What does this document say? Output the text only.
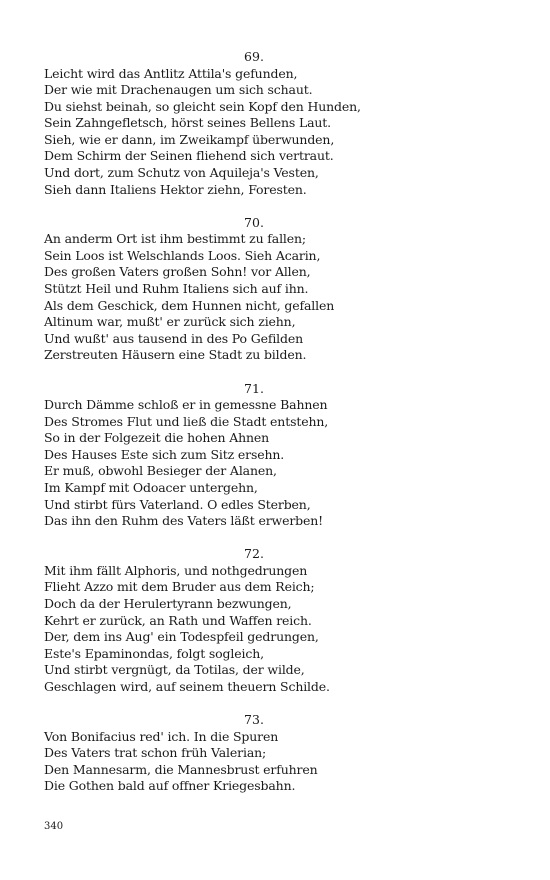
69.
Leicht wird das Antlitz Attila's gefunden,
Der wie mit Drachenaugen um sich schaut.
Du siehst beinah, so gleicht sein Kopf den Hunden,
Sein Zahngefletsch, hörst seines Bellens Laut.
Sieh, wie er dann, im Zweikampf überwunden,
Dem Schirm der Seinen fliehend sich vertraut.
Und dort, zum Schutz von Aquileja's Vesten,
Sieh dann Italiens Hektor ziehn, Foresten.
70.
An anderm Ort ist ihm bestimmt zu fallen;
Sein Loos ist Welschlands Loos. Sieh Acarin,
Des großen Vaters großen Sohn! vor Allen,
Stützt Heil und Ruhm Italiens sich auf ihn.
Als dem Geschick, dem Hunnen nicht, gefallen
Altinum war, mußt' er zurück sich ziehn,
Und wußt' aus tausend in des Po Gefilden
Zerstreuten Häusern eine Stadt zu bilden.
71.
Durch Dämme schloß er in gemessne Bahnen
Des Stromes Flut und ließ die Stadt entstehn,
So in der Folgezeit die hohen Ahnen
Des Hauses Este sich zum Sitz ersehn.
Er muß, obwohl Besieger der Alanen,
Im Kampf mit Odoacer untergehn,
Und stirbt fürs Vaterland. O edles Sterben,
Das ihn den Ruhm des Vaters läßt erwerben!
72.
Mit ihm fällt Alphoris, und nothgedrungen
Flieht Azzo mit dem Bruder aus dem Reich;
Doch da der Herulertyrann bezwungen,
Kehrt er zurück, an Rath und Waffen reich.
Der, dem ins Aug' ein Todespfeil gedrungen,
Este's Epaminondas, folgt sogleich,
Und stirbt vergnügt, da Totilas, der wilde,
Geschlagen wird, auf seinem theuern Schilde.
73.
Von Bonifacius red' ich. In die Spuren
Des Vaters trat schon früh Valerian;
Den Mannesarm, die Mannesbrust erfuhren
Die Gothen bald auf offner Kriegesbahn.
340
